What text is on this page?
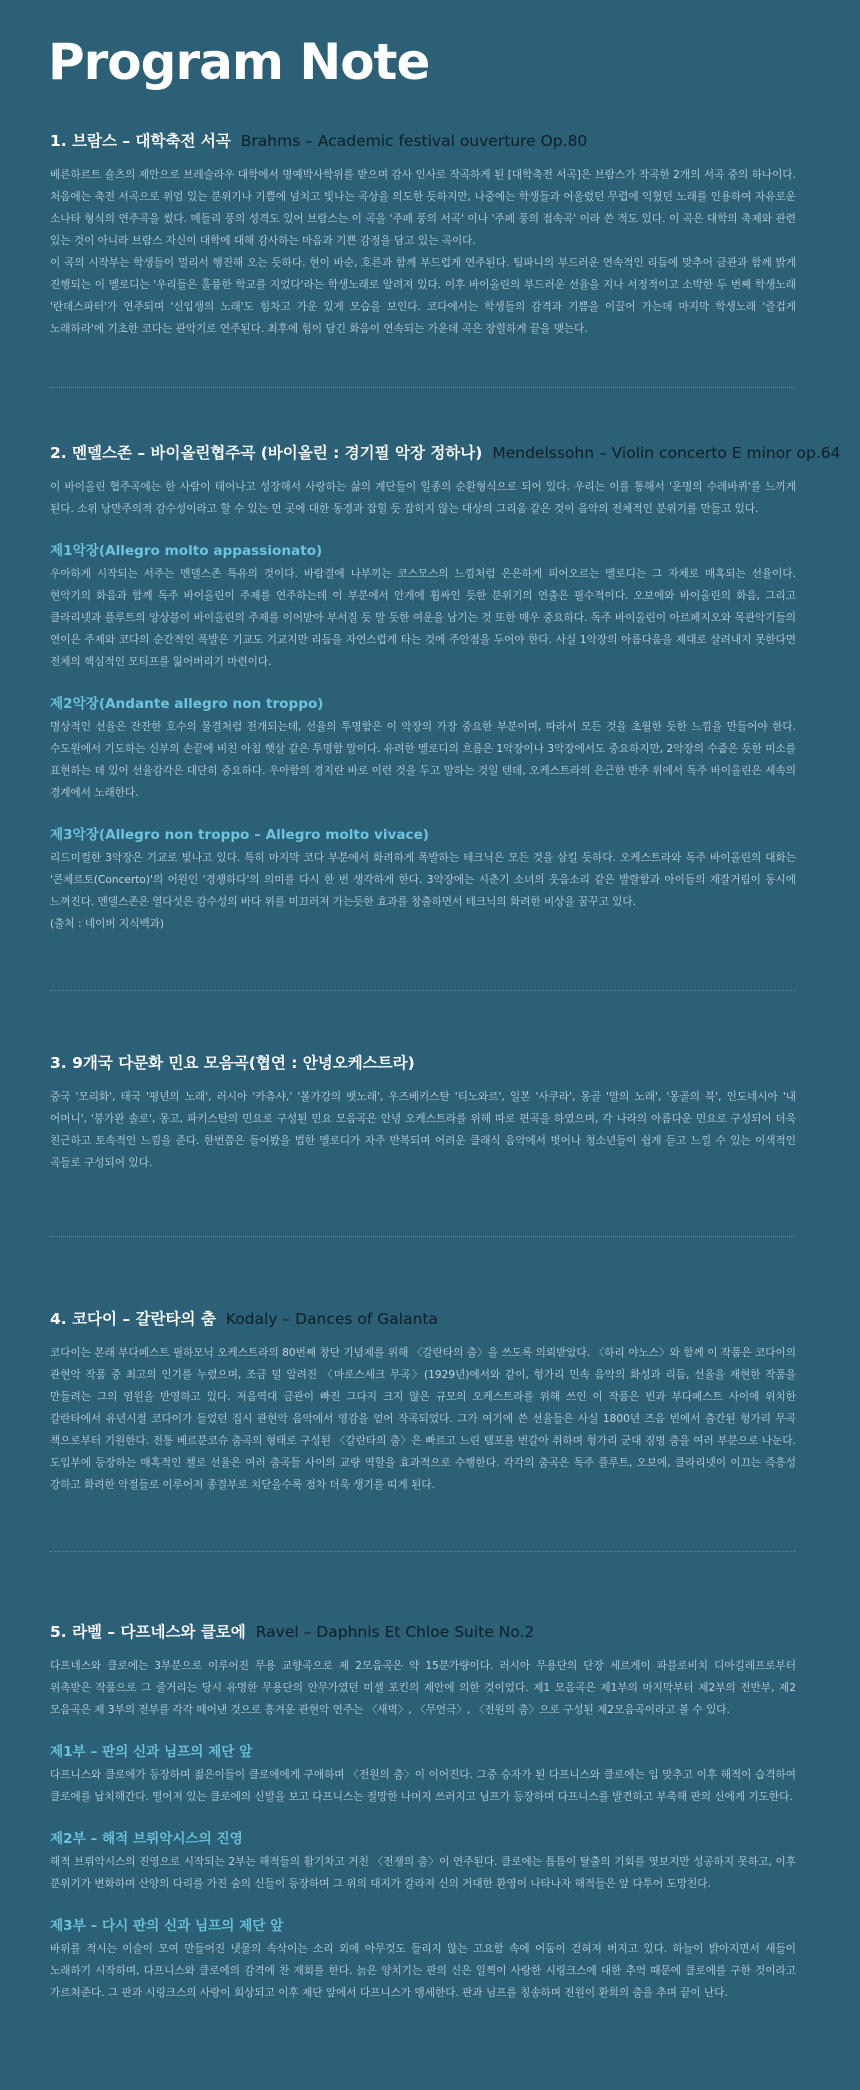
Program Note
1. 브람스 – 대학축전 서곡 Brahms – Academic festival ouverture Op.80

베른하르트 숄츠의 제안으로 브레슬라우 대학에서 명예박사학위를 받으며 감사 인사로 작곡하게 된 [대학축전 서곡]은 브람스가 작곡한 2개의 서곡 중의 하나이다. 처음에는 축전 서곡으로 위엄 있는 분위기나 기쁨에 넘치고 빛나는 곡상을 의도한 듯하지만, 나중에는 학생들과 어울렸던 무렵에 익혔던 노래를 인용하여 자유로운 소나타 형식의 연주곡을 썼다. 메들리 풍의 성격도 있어 브람스는 이 곡을 '주페 풍의 서곡' 이나 '주페 풍의 접속곡' 이라 쓴 적도 있다. 이 곡은 대학의 축제와 관련 있는 것이 아니라 브람스 자신이 대학에 대해 감사하는 마음과 기쁜 감정을 담고 있는 곡이다.

이 곡의 시작부는 학생들이 멀리서 행진해 오는 듯하다. 현이 바순, 호른과 함께 부드럽게 연주된다. 팀파니의 부드러운 연속적인 리듬에 맞추어 금관과 함께 밝게 진행되는 이 멜로디는 '우리들은 훌륭한 학교를 지었다'라는 학생노래로 알려져 있다. 이후 바이올린의 부드러운 선율을 지나 서정적이고 소박한 두 번째 학생노래 '란데스파터'가 연주되며 '신입생의 노래'도 힘차고 가운 있게 모습을 보인다. 코다에서는 학생들의 감격과 기쁨을 이끌어 가는데 마지막 학생노래 '즐겁게 노래하라'에 기초한 코다는 관악기로 연주된다. 최후에 힘이 담긴 화음이 연속되는 가운데 곡은 장렬하게 끝을 맺는다.

2. 멘델스존 – 바이올린협주곡 (바이올린 : 경기필 악장 정하나) Mendelssohn – Violin concerto E minor op.64

이 바이올린 협주곡에는 한 사람이 태어나고 성장해서 사랑하는 삶의 계단들이 일종의 순환형식으로 되어 있다. 우리는 이를 통해서 '운명의 수레바퀴'를 느끼게 된다. 소위 낭만주의적 감수성이라고 할 수 있는 먼 곳에 대한 동경과 잡힐 듯 잡히지 않는 대상의 그리움 같은 것이 음악의 전체적인 분위기를 만들고 있다.

제1악장(Allegro molto appassionato)

우아하게 시작되는 서주는 멘델스존 특유의 것이다. 바람결에 나부끼는 코스모스의 느낌처럼 은은하게 피어오르는 멜로디는 그 자체로 매혹되는 선율이다. 현악기의 화음과 함께 독주 바이올린이 주제를 연주하는데 이 부분에서 안개에 휩싸인 듯한 분위기의 연출은 필수적이다. 오보에와 바이올린의 화음, 그리고 클라리넷과 플루트의 앙상블이 바이올린의 주제를 이어받아 부서질 듯 말 듯한 여운을 남기는 것 또한 매우 중요하다. 독주 바이올린이 아르페지오와 목관악기들의 연이은 주제와 코다의 순간적인 폭발은 기교도 기교지만 리듬을 자연스럽게 타는 것에 주안점을 두어야 한다. 사실 1악장의 아름다움을 제대로 살려내지 못한다면 전체의 핵심적인 모티프를 잃어버리기 마련이다.

제2악장(Andante allegro non troppo)

명상적인 선율은 잔잔한 호수의 물결처럼 전개되는데, 선율의 투명함은 이 악장의 가장 중요한 부분이며, 따라서 모든 것을 초월한 듯한 느낌을 만들어야 한다. 수도원에서 기도하는 신부의 손끝에 비친 아침 햇살 같은 투명함 말이다. 유려한 멜로디의 흐름은 1악장이나 3악장에서도 중요하지만, 2악장의 수줍은 듯한 미소를 표현하는 데 있어 선율감각은 대단히 중요하다. 우아함의 경지란 바로 이런 것을 두고 말하는 것일 텐데, 오케스트라의 은근한 반주 위에서 독주 바이올린은 세속의 경계에서 노래한다.

제3악장(Allegro non troppo – Allegro molto vivace)

리드미컬한 3악장은 기교로 빛나고 있다. 특히 마지막 코다 부분에서 화려하게 폭발하는 테크닉은 모든 것을 삼킬 듯하다. 오케스트라와 독주 바이올린의 대화는 '콘체르토(Concerto)'의 어원인 '경쟁하다'의 의미를 다시 한 번 생각하게 한다. 3악장에는 시춘기 소녀의 웃음소리 같은 발랄함과 아이들의 재잘거림이 동시에 느껴진다. 멘델스존은 열다섯은 감수성의 바다 위를 미끄러져 가는듯한 효과를 창출하면서 테크닉의 화려한 비상을 꿈꾸고 있다.

(출처 : 네이버 지식백과)

3. 9개국 다문화 민요 모음곡(협연 : 안녕오케스트라)

중국 '모리화', 태국 '평년의 노래', 러시아 '카츄샤,' '볼가강의 뱃노래', 우즈베키스탄 '티노와르', 일본 '사쿠라', 몽골 '말의 노래', '몽골의 북', 인도네시아 '내 어머니', '붕가완 솔로', 몽고, 파키스탄의 민요로 구성된 민요 모음곡은 안녕 오케스트라를 위해 따로 편곡을 하였으며, 각 나라의 아름다운 민요로 구성되어 더욱 친근하고 토속적인 느낌을 준다. 한번쯤은 들어봤을 법한 멜로디가 자주 반복되며 어려운 클래식 음악에서 벗어나 청소년들이 쉽게 듣고 느낄 수 있는 이색적인 곡들로 구성되어 있다.

4. 코다이 – 갈란타의 춤 Kodaly – Dances of Galanta

코다이는 본래 부다페스트 필하모닉 오케스트라의 80번째 창단 기념제를 위해 〈갈란타의 춤〉을 쓰도록 의뢰받았다. 〈하리 야노스〉와 함께 이 작품은 코다이의 관현악 작품 중 최고의 인기를 누렸으며, 조금 덜 알려진 〈마로스세크 무곡〉(1929년)에서와 같이, 헝가리 민속 음악의 화성과 리듬, 선율을 재현한 작품을 만들려는 그의 염원을 반영하고 있다. 저음역대 금관이 빠진 그다지 크지 않은 규모의 오케스트라를 위해 쓰인 이 작품은 빈과 부다페스트 사이에 위치한 갈란타에서 유년시절 코다이가 들었던 집시 관현악 음악에서 영감을 얻어 작곡되었다. 그가 여기에 쓴 선율들은 사실 1800년 즈음 빈에서 출간된 헝가리 무곡 책으로부터 기원한다. 전통 베르분코슈 춤곡의 형태로 구성된 〈갈란타의 춤〉은 빠르고 느린 템포를 번갈아 취하며 헝가리 군대 징병 춤을 여러 부분으로 나눈다. 도입부에 등장하는 매혹적인 첼로 선율은 여러 춤곡들 사이의 교량 역할을 효과적으로 수행한다. 각각의 춤곡은 독주 플루트, 오보에, 클라리넷이 이끄는 즉흥성 강하고 화려한 악절들로 이루어져 종결부로 치닫을수록 점차 더욱 생기를 띠게 된다.

5. 라벨 – 다프네스와 클로에 Ravel – Daphnis Et Chloe Suite No.2

다프네스와 클로에는 3부분으로 이루어진 무용 교향곡으로 제 2모음곡은 약 15분가량이다. 러시아 무용단의 단장 세르게이 파블로비치 디아길레프로부터 위촉받은 작품으로 그 줄거리는 당시 유명한 무용단의 안무가였던 미셸 포킨의 제안에 의한 것이었다. 제1 모음곡은 제1부의 마지막부터 제2부의 전반부, 제2 모음곡은 제 3부의 전부를 각각 떼어낸 것으로 흥겨운 관현악 연주는 〈새벽〉, 〈무언극〉, 〈전원의 춤〉으로 구성된 제2모음곡이라고 볼 수 있다.

제1부 – 판의 신과 님프의 제단 앞

다프니스와 클로에가 등장하며 젊은이들이 클로에에게 구애하며 〈전원의 춤〉이 이어진다. 그중 승자가 된 다프니스와 클로에는 입 맞추고 이후 해적이 습격하여 클로에를 납치해간다. 떨어져 있는 클로에의 신발을 보고 다프니스는 절망한 나머지 쓰러지고 님프가 등장하며 다프니스를 발견하고 부축해 판의 신에게 기도한다.

제2부 – 해적 브뤼악시스의 진영

해적 브뤼악시스의 진영으로 시작되는 2부는 해적들의 활기차고 거친 〈전쟁의 춤〉이 연주된다. 클로에는 틈틈이 탈출의 기회를 엿보지만 성공하지 못하고, 이후 분위기가 변화하며 산양의 다리를 가진 숲의 신들이 등장하며 그 위의 대지가 갈라져 신의 거대한 환영이 나타나자 해적들은 앞 다투어 도망친다.

제3부 – 다시 판의 신과 님프의 제단 앞

바위를 적시는 이슬이 모여 만들어진 냇물의 속삭이는 소리 외에 아무것도 들리지 않는 고요함 속에 어둠이 걷혀져 버지고 있다. 하늘이 밝아지면서 새들이 노래하기 시작하며, 다프니스와 클로에의 감격에 찬 재회를 한다. 늙은 양치기는 판의 신은 일찍이 사랑한 시링크스에 대한 추억 때문에 클로에를 구한 것이라고 가르쳐준다. 그 판과 시링크스의 사랑이 회상되고 이후 제단 앞에서 다프니스가 맹세한다. 판과 님프를 칭송하며 전원이 환희의 춤을 추며 끝이 난다.
